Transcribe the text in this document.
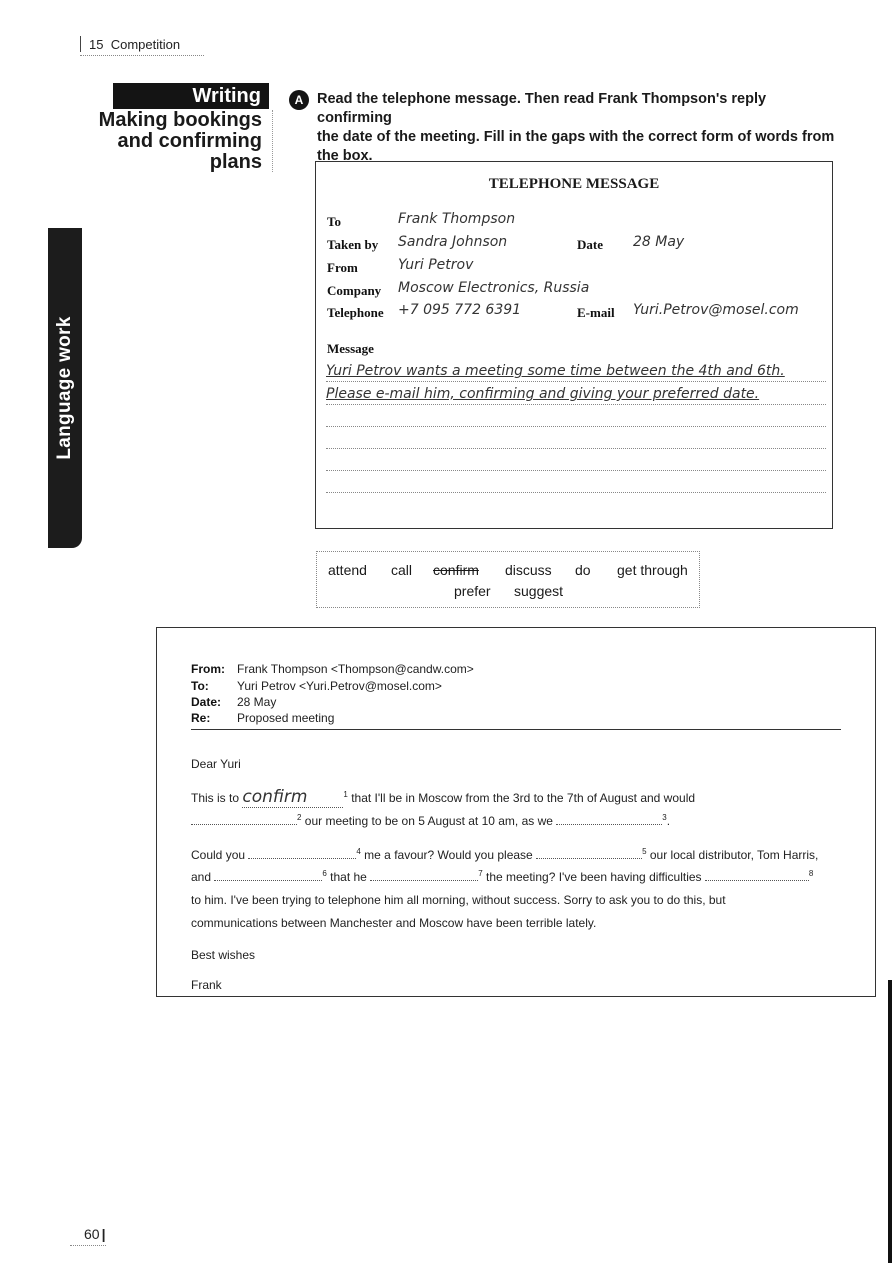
15 Competition
Language work
Writing
Making bookings
and confirming
plans
A Read the telephone message. Then read Frank Thompson's reply confirming
the date of the meeting. Fill in the gaps with the correct form of words from
the box.
TELEPHONE MESSAGE
To	Frank Thompson
Taken by Sandra Johnson	Date 28 May
From	Yuri Petrov
Company Moscow Electronics, Russia
Telephone +7 095 772 6391	E-mail Yuri.Petrov@mosel.com
Message
Yuri Petrov wants a meeting some time between the 4th and 6th.
Please e-mail him, confirming and giving your preferred date.
attend call confirm discuss do get through
prefer suggest
From: Frank Thompson <Thompson@candw.com>
To: Yuri Petrov <Yuri.Petrov@mosel.com>
Date: 28 May
Re: Proposed meeting
Dear Yuri
This is to confirm	$^1$ that I'll be in Moscow from the 3rd to the 7th of August and would
$^2$ our meeting to be on 5 August at 10 am, as we	$^3$.
Could you	$^4$ me a favour? Would you please	$^5$ our local distributor, Tom Harris,
and	$^6$ that he	$^7$ the meeting? I've been having difficulties	$^8$
to him. I've been trying to telephone him all morning, without success. Sorry to ask you to do this, but
communications between Manchester and Moscow have been terrible lately.
Best wishes
Frank
60 |
